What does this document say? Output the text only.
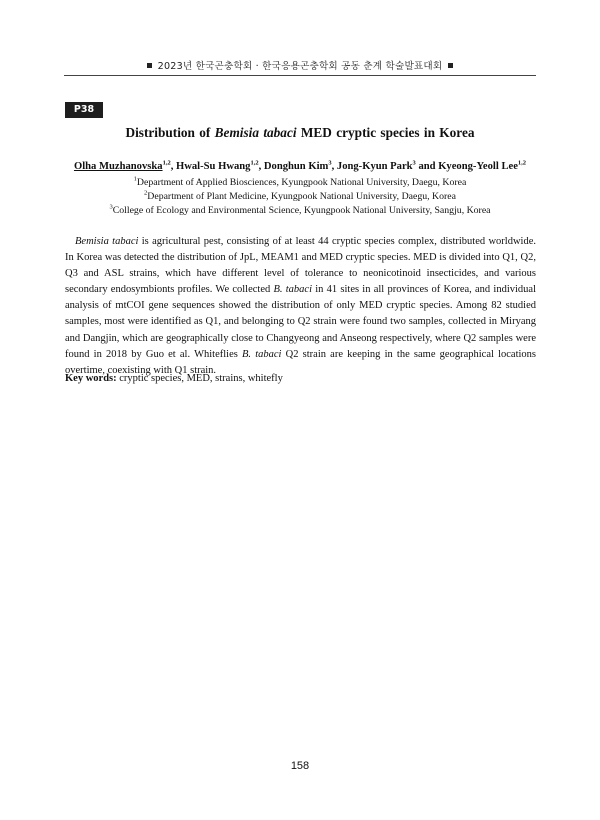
2023년 한국곤충학회 · 한국응용곤충학회 공동 춘계 학술발표대회
P38
Distribution of Bemisia tabaci MED cryptic species in Korea
Olha Muzhanovska$^{1,2}$, Hwal-Su Hwang$^{1,2}$, Donghun Kim$^3$, Jong-Kyun Park$^3$ and Kyeong-Yeoll Lee$^{1,2}$
$^1$Department of Applied Biosciences, Kyungpook National University, Daegu, Korea
$^2$Department of Plant Medicine, Kyungpook National University, Daegu, Korea
$^3$College of Ecology and Environmental Science, Kyungpook National University, Sangju, Korea

Bemisia tabaci is agricultural pest, consisting of at least 44 cryptic species complex, distributed worldwide. In Korea was detected the distribution of JpL, MEAM1 and MED cryptic species. MED is divided into Q1, Q2, Q3 and ASL strains, which have different level of tolerance to neonicotinoid insecticides, and various secondary endosymbionts profiles. We collected B. tabaci in 41 sites in all provinces of Korea, and individual analysis of mtCOI gene sequences showed the distribution of only MED cryptic species. Among 82 studied samples, most were identified as Q1, and belonging to Q2 strain were found two samples, collected in Miryang and Dangjin, which are geographically close to Changyeong and Anseong respectively, where Q2 samples were found in 2018 by Guo et al. Whiteflies B. tabaci Q2 strain are keeping in the same geographical locations overtime, coexisting with Q1 strain.

Key words: cryptic species, MED, strains, whitefly

158
